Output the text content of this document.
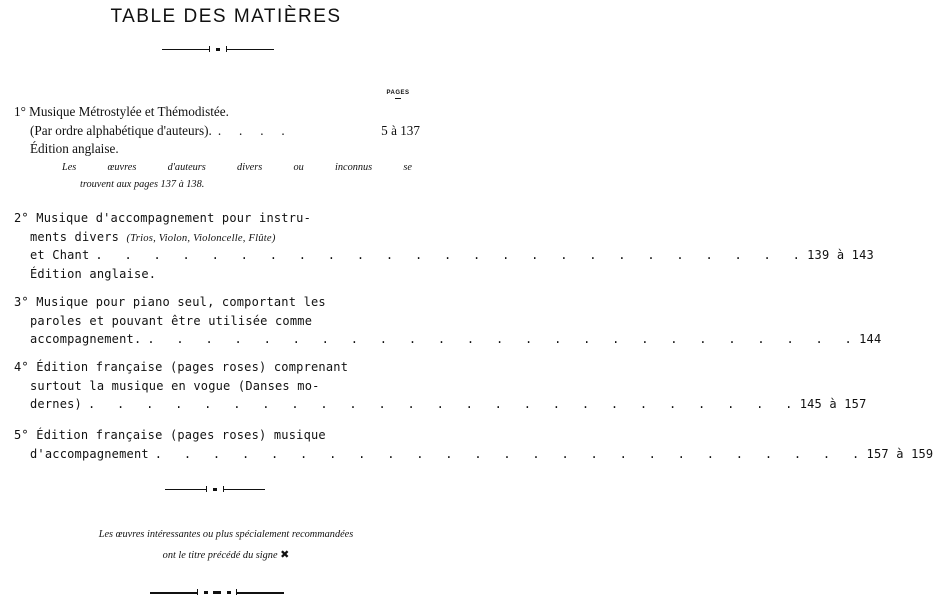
TABLE DES MATIÈRES
PAGES
1° Musique Métrostylée et Thémodistée.
(Par ordre alphabétique d'auteurs). . . . .	5 à 137
Édition anglaise.
Les œuvres d'auteurs divers ou inconnus se
trouvent aux pages 137 à 138.
2° Musique d'accompagnement pour instru-
ments divers (Trios, Violon, Violoncelle, Flûte)
et Chant . . . . . . . . . . . . . . . . . . . . . . . . . 139 à 143
Édition anglaise.
3° Musique pour piano seul, comportant les
paroles et pouvant être utilisée comme
accompagnement. . . . . . . . . . . . . . . . . . . . . . . . . . 144
4° Édition française (pages roses) comprenant
surtout la musique en vogue (Danses mo-
dernes) . . . . . . . . . . . . . . . . . . . . . . . . . 145 à 157
5° Édition française (pages roses) musique
d'accompagnement . . . . . . . . . . . . . . . . . . . . . . . . . 157 à 159
Les œuvres intéressantes ou plus spécialement recommandées
ont le titre précédé du signe ✖
